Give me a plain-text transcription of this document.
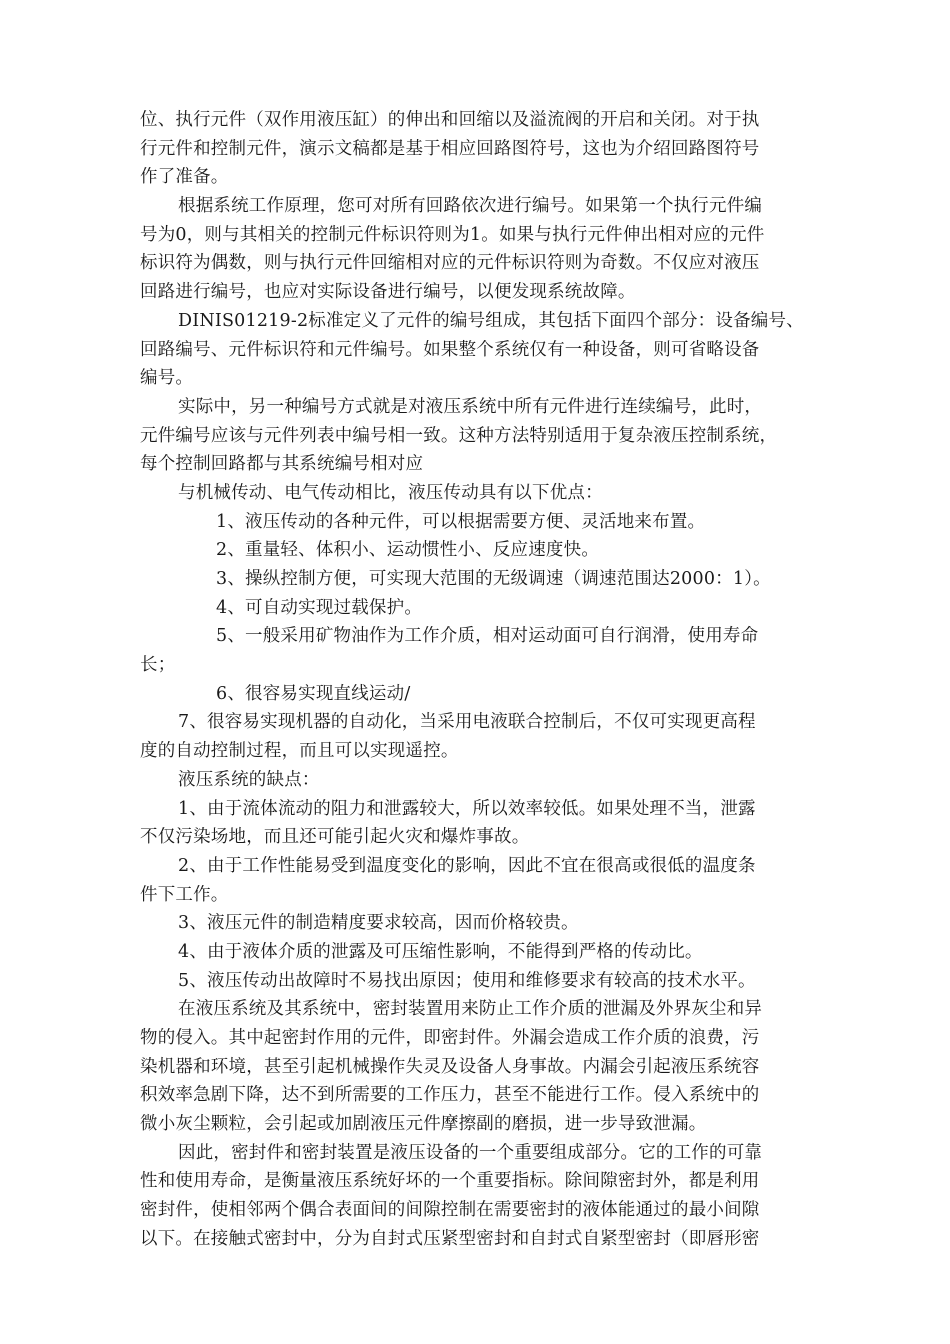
位、执行元件（双作用液压缸）的伸出和回缩以及溢流阀的开启和关闭。对于执
行元件和控制元件，演示文稿都是基于相应回路图符号，这也为介绍回路图符号
作了准备。
根据系统工作原理，您可对所有回路依次进行编号。如果第一个执行元件编
号为0，则与其相关的控制元件标识符则为1。如果与执行元件伸出相对应的元件
标识符为偶数，则与执行元件回缩相对应的元件标识符则为奇数。不仅应对液压
回路进行编号，也应对实际设备进行编号，以便发现系统故障。
DINIS01219-2标准定义了元件的编号组成，其包括下面四个部分：设备编号、
回路编号、元件标识符和元件编号。如果整个系统仅有一种设备，则可省略设备
编号。
实际中，另一种编号方式就是对液压系统中所有元件进行连续编号，此时，
元件编号应该与元件列表中编号相一致。这种方法特别适用于复杂液压控制系统，
每个控制回路都与其系统编号相对应
与机械传动、电气传动相比，液压传动具有以下优点：
1、液压传动的各种元件，可以根据需要方便、灵活地来布置。
2、重量轻、体积小、运动惯性小、反应速度快。
3、操纵控制方便，可实现大范围的无级调速（调速范围达2000：1）。
4、可自动实现过载保护。
5、一般采用矿物油作为工作介质，相对运动面可自行润滑，使用寿命
长；
6、很容易实现直线运动/
7、很容易实现机器的自动化，当采用电液联合控制后，不仅可实现更高程
度的自动控制过程，而且可以实现遥控。
液压系统的缺点：
1、由于流体流动的阻力和泄露较大，所以效率较低。如果处理不当，泄露
不仅污染场地，而且还可能引起火灾和爆炸事故。
2、由于工作性能易受到温度变化的影响，因此不宜在很高或很低的温度条
件下工作。
3、液压元件的制造精度要求较高，因而价格较贵。
4、由于液体介质的泄露及可压缩性影响，不能得到严格的传动比。
5、液压传动出故障时不易找出原因；使用和维修要求有较高的技术水平。
在液压系统及其系统中，密封装置用来防止工作介质的泄漏及外界灰尘和异
物的侵入。其中起密封作用的元件，即密封件。外漏会造成工作介质的浪费，污
染机器和环境，甚至引起机械操作失灵及设备人身事故。内漏会引起液压系统容
积效率急剧下降，达不到所需要的工作压力，甚至不能进行工作。侵入系统中的
微小灰尘颗粒，会引起或加剧液压元件摩擦副的磨损，进一步导致泄漏。
因此，密封件和密封装置是液压设备的一个重要组成部分。它的工作的可靠
性和使用寿命，是衡量液压系统好坏的一个重要指标。除间隙密封外，都是利用
密封件，使相邻两个偶合表面间的间隙控制在需要密封的液体能通过的最小间隙
以下。在接触式密封中，分为自封式压紧型密封和自封式自紧型密封（即唇形密
